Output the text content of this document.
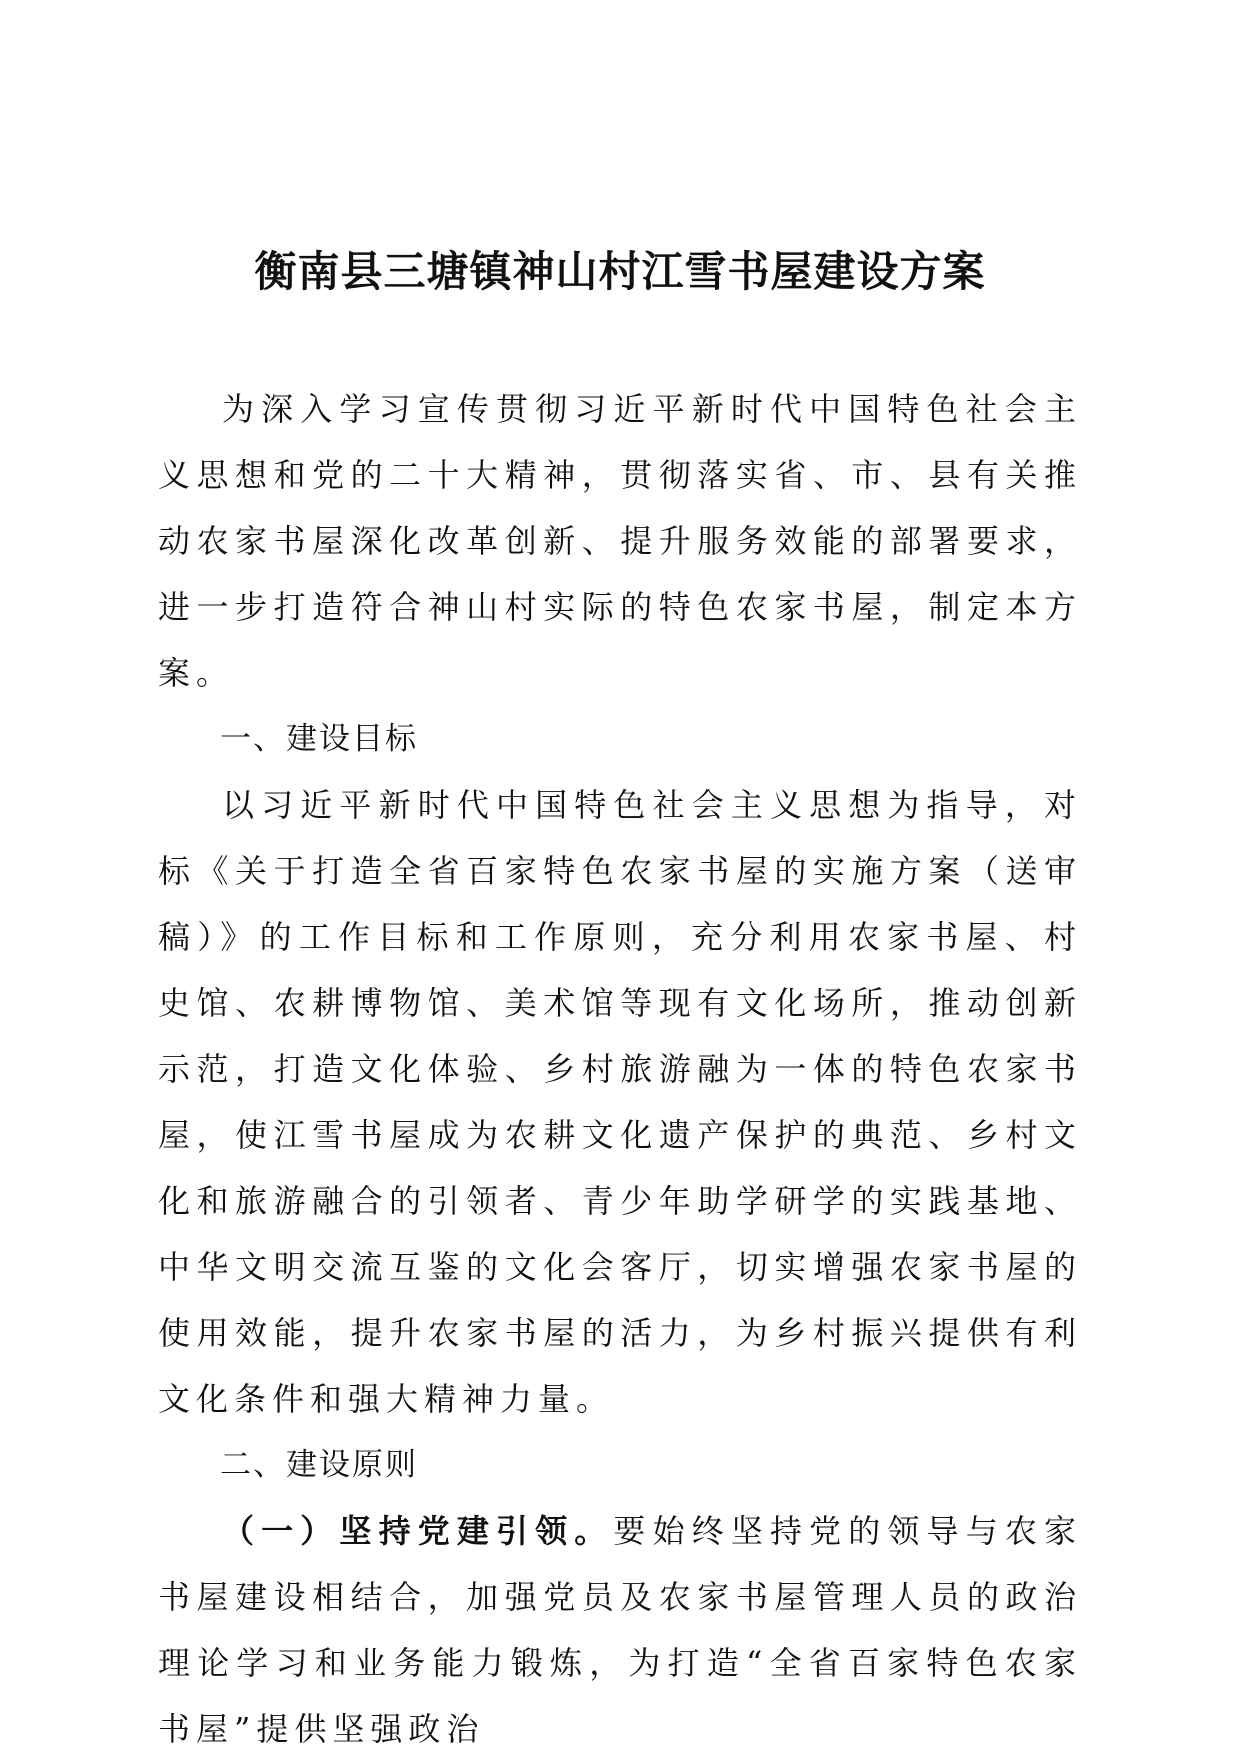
衡南县三塘镇神山村江雪书屋建设方案

为深入学习宣传贯彻习近平新时代中国特色社会主义思想和党的二十大精神，贯彻落实省、市、县有关推动农家书屋深化改革创新、提升服务效能的部署要求，进一步打造符合神山村实际的特色农家书屋，制定本方案。

一、建设目标

以习近平新时代中国特色社会主义思想为指导，对标《关于打造全省百家特色农家书屋的实施方案（送审稿）》的工作目标和工作原则，充分利用农家书屋、村史馆、农耕博物馆、美术馆等现有文化场所，推动创新示范，打造文化体验、乡村旅游融为一体的特色农家书屋，使江雪书屋成为农耕文化遗产保护的典范、乡村文化和旅游融合的引领者、青少年助学研学的实践基地、中华文明交流互鉴的文化会客厅，切实增强农家书屋的使用效能，提升农家书屋的活力，为乡村振兴提供有利文化条件和强大精神力量。

二、建设原则

（一）坚持党建引领。要始终坚持党的领导与农家书屋建设相结合，加强党员及农家书屋管理人员的政治理论学习和业务能力锻炼，为打造“全省百家特色农家书屋”提供坚强政治
